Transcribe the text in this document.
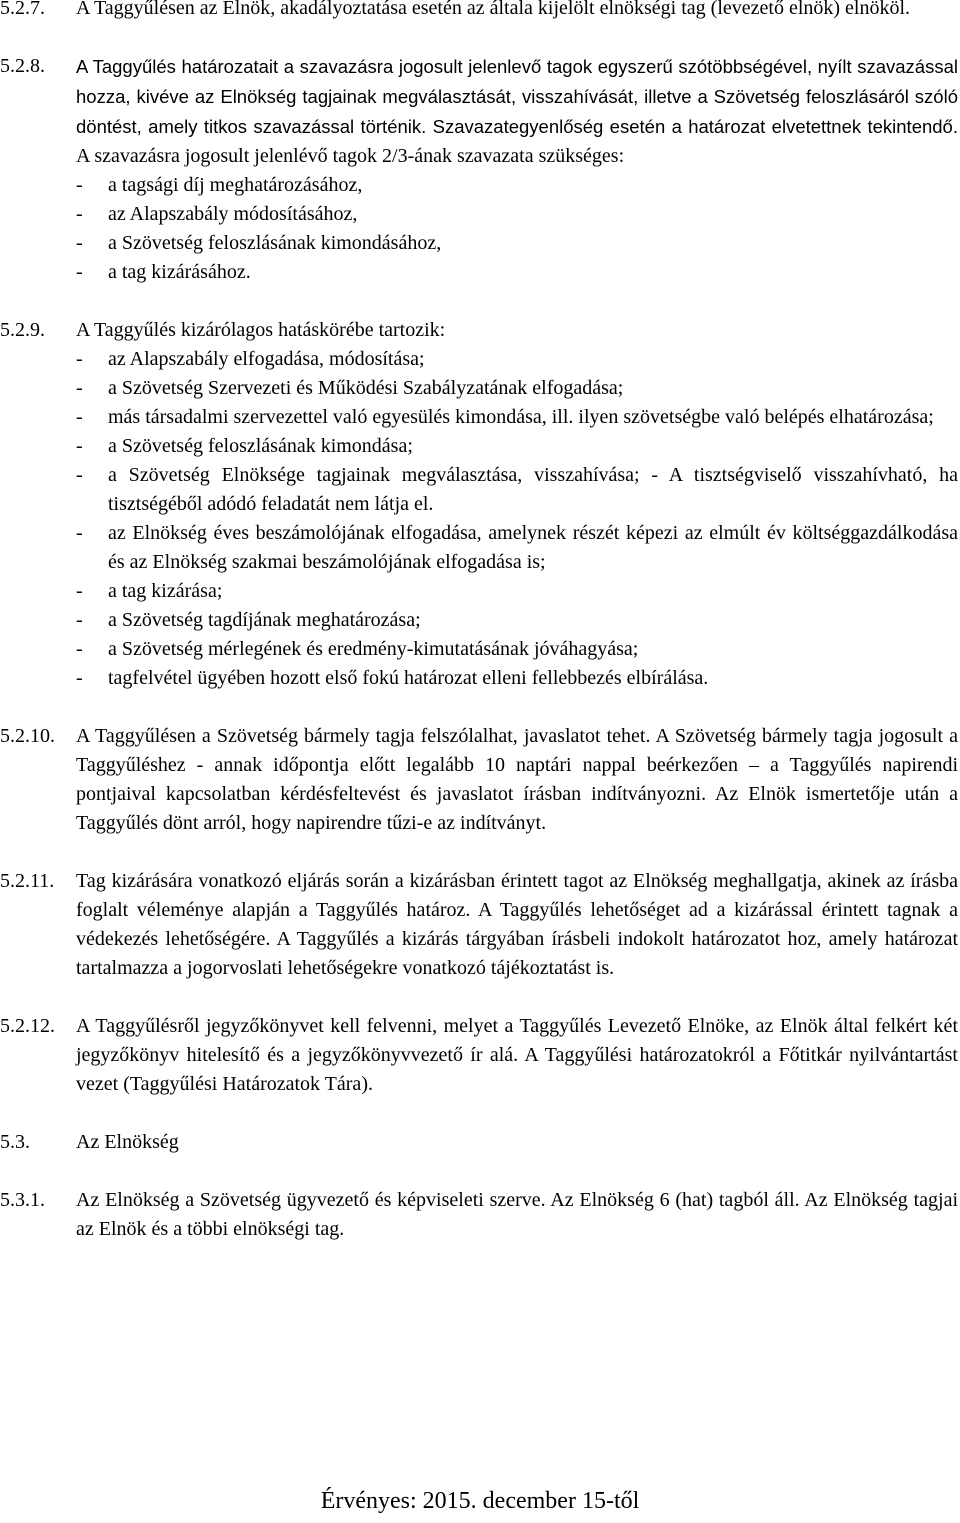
5.2.7.	A Taggyűlésen az Elnök, akadályoztatása esetén az általa kijelölt elnökségi tag (levezető elnök) elnököl.
5.2.8.	A Taggyűlés határozatait a szavazásra jogosult jelenlevő tagok egyszerű szótöbbségével, nyílt szavazással hozza, kivéve az Elnökség tagjainak megválasztását, visszahívását, illetve a Szövetség feloszlásáról szóló döntést, amely titkos szavazással történik. Szavazategyenlőség esetén a határozat elvetettnek tekintendő. A szavazásra jogosult jelenlévő tagok 2/3-ának szavazata szükséges:
-	a tagsági díj meghatározásához,
-	az Alapszabály módosításához,
-	a Szövetség feloszlásának kimondásához,
-	a tag kizárásához.
5.2.9.	A Taggyűlés kizárólagos hatáskörébe tartozik:
-	az Alapszabály elfogadása, módosítása;
-	a Szövetség Szervezeti és Működési Szabályzatának elfogadása;
-	más társadalmi szervezettel való egyesülés kimondása, ill. ilyen szövetségbe való belépés elhatározása;
-	a Szövetség feloszlásának kimondása;
-	a Szövetség Elnöksége tagjainak megválasztása, visszahívása; - A tisztségviselő visszahívható, ha tisztségéből adódó feladatát nem látja el.
-	az Elnökség éves beszámolójának elfogadása, amelynek részét képezi az elmúlt év költséggazdálkodása és az Elnökség szakmai beszámolójának elfogadása is;
-	a tag kizárása;
-	a Szövetség tagdíjának meghatározása;
-	a Szövetség mérlegének és eredmény-kimutatásának jóváhagyása;
-	tagfelvétel ügyében hozott első fokú határozat elleni fellebbezés elbírálása.
5.2.10.	A Taggyűlésen a Szövetség bármely tagja felszólalhat, javaslatot tehet. A Szövetség bármely tagja jogosult a Taggyűléshez - annak időpontja előtt legalább 10 naptári nappal beérkezően – a Taggyűlés napirendi pontjaival kapcsolatban kérdésfeltevést és javaslatot írásban indítványozni. Az Elnök ismertetője után a Taggyűlés dönt arról, hogy napirendre tűzi-e az indítványt.
5.2.11.	Tag kizárására vonatkozó eljárás során a kizárásban érintett tagot az Elnökség meghallgatja, akinek az írásba foglalt véleménye alapján a Taggyűlés határoz. A Taggyűlés lehetőséget ad a kizárással érintett tagnak a védekezés lehetőségére. A Taggyűlés a kizárás tárgyában írásbeli indokolt határozatot hoz, amely határozat tartalmazza a jogorvoslati lehetőségekre vonatkozó tájékoztatást is.
5.2.12.	A Taggyűlésről jegyzőkönyvet kell felvenni, melyet a Taggyűlés Levezető Elnöke, az Elnök által felkért két jegyzőkönyv hitelesítő és a jegyzőkönyvvezető ír alá. A Taggyűlési határozatokról a Főtitkár nyilvántartást vezet (Taggyűlési Határozatok Tára).
5.3.	Az Elnökség
5.3.1.	Az Elnökség a Szövetség ügyvezető és képviseleti szerve. Az Elnökség 6 (hat) tagból áll. Az Elnökség tagjai az Elnök és a többi elnökségi tag.
Érvényes: 2015. december 15-től
